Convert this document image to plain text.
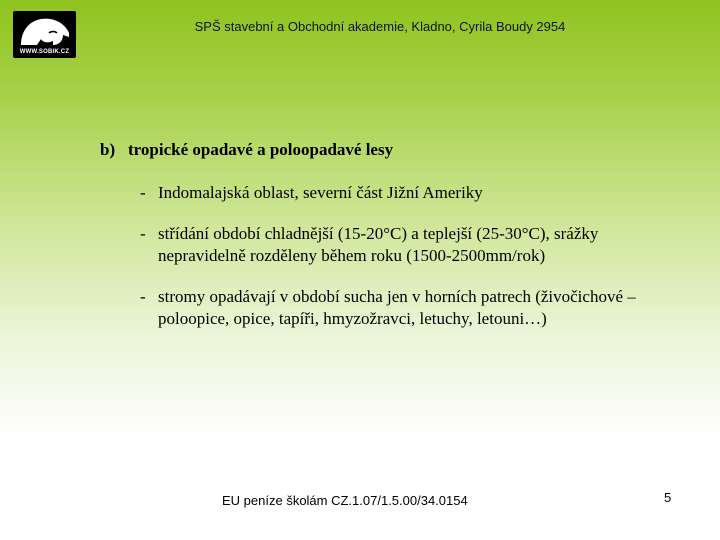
WWW.SOBIK.CZ
SPŠ stavební a Obchodní akademie, Kladno, Cyrila Boudy 2954
b) tropické opadavé a poloopadavé lesy
- Indomalajská oblast, severní část Jižní Ameriky
- střídání období chladnější (15-20°C) a teplejší (25-30°C), srážky nepravidelně rozděleny během roku (1500-2500mm/rok)
- stromy opadávají v období sucha jen v horních patrech (živočichové – poloopice, opice, tapíři, hmyzožravci, letuchy, letouni…)
EU peníze školám CZ.1.07/1.5.00/34.0154	5
